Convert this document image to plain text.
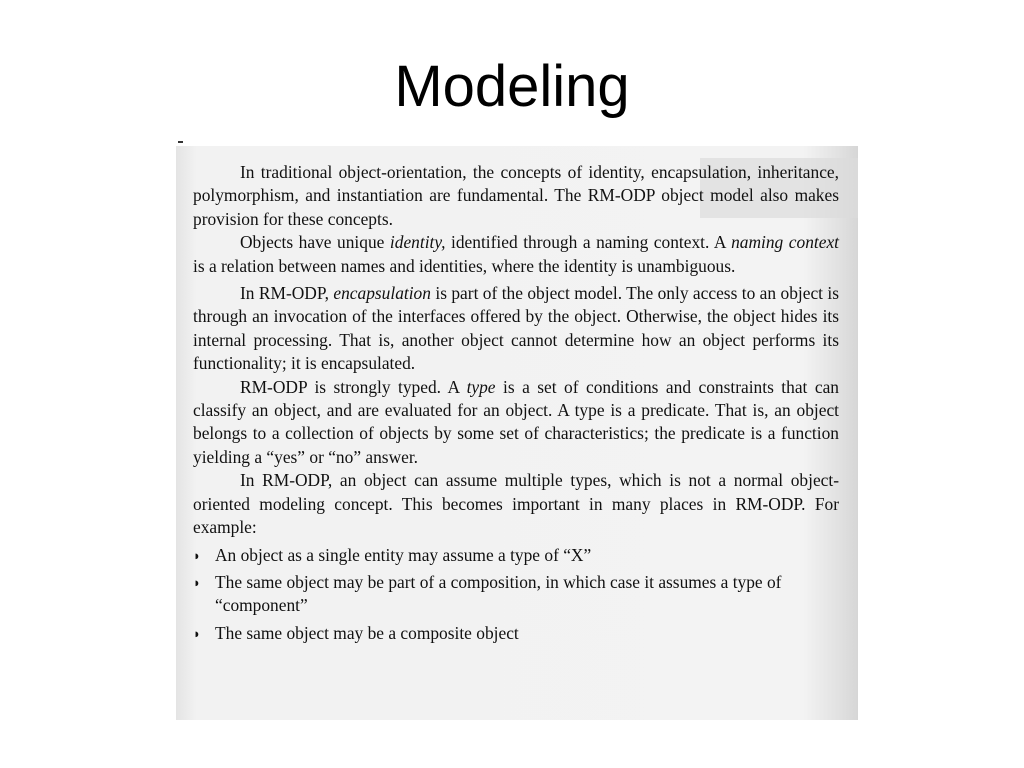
Modeling

In traditional object-orientation, the concepts of identity, encapsulation, inheritance, polymorphism, and instantiation are fundamental. The RM-ODP object model also makes provision for these concepts.

Objects have unique identity, identified through a naming context. A naming context is a relation between names and identities, where the identity is unambiguous.

In RM-ODP, encapsulation is part of the object model. The only access to an object is through an invocation of the interfaces offered by the object. Otherwise, the object hides its internal processing. That is, another object cannot determine how an object performs its functionality; it is encapsulated.

RM-ODP is strongly typed. A type is a set of conditions and constraints that can classify an object, and are evaluated for an object. A type is a predicate. That is, an object belongs to a collection of objects by some set of characteristics; the predicate is a function yielding a “yes” or “no” answer.

In RM-ODP, an object can assume multiple types, which is not a normal object-oriented modeling concept. This becomes important in many places in RM-ODP. For example:

◗ An object as a single entity may assume a type of “X”
◗ The same object may be part of a composition, in which case it assumes a type of “component”
◗ The same object may be a composite object
